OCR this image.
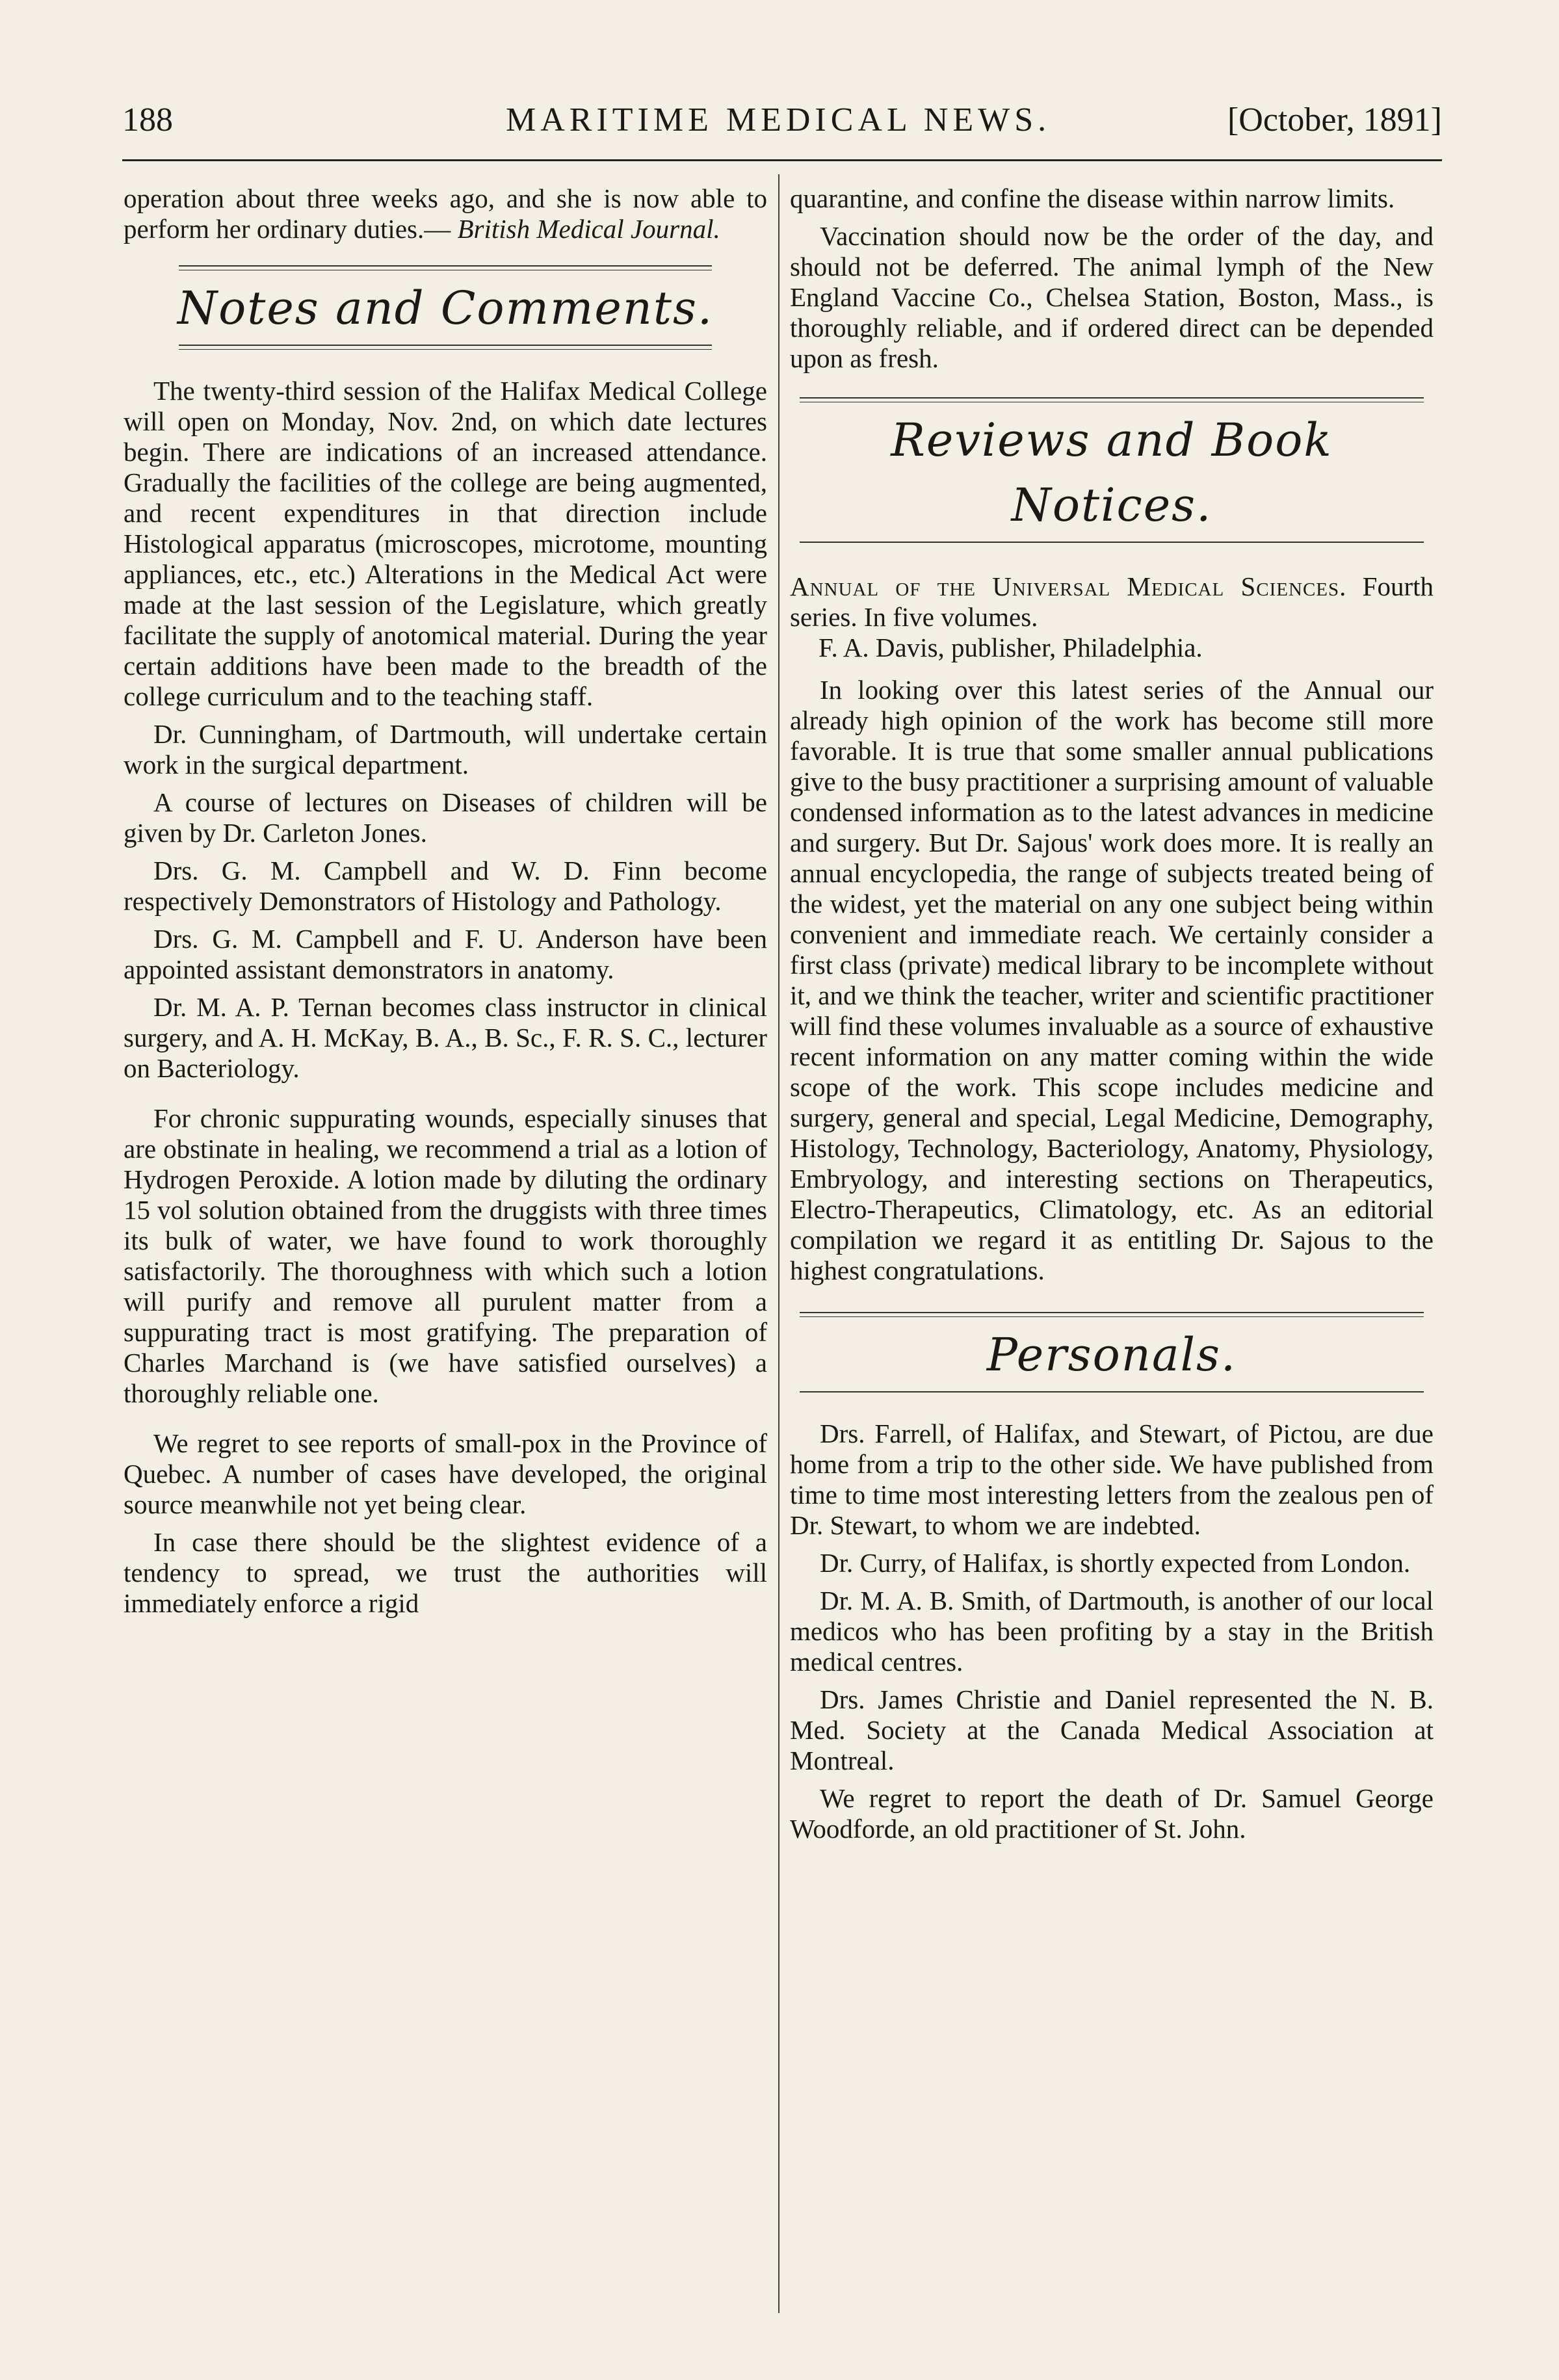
188	MARITIME MEDICAL NEWS.	[October, 1891]

operation about three weeks ago, and she is now able to perform her ordinary duties.— British Medical Journal.

Notes and Comments.

The twenty-third session of the Halifax Medical College will open on Monday, Nov. 2nd, on which date lectures begin. There are indications of an increased attendance. Gradually the facilities of the college are being augmented, and recent expenditures in that direction include Histological apparatus (microscopes, microtome, mounting appliances, etc., etc.) Alterations in the Medical Act were made at the last session of the Legislature, which greatly facilitate the supply of anotomical material. During the year certain additions have been made to the breadth of the college curriculum and to the teaching staff.

Dr. Cunningham, of Dartmouth, will undertake certain work in the surgical department.

A course of lectures on Diseases of children will be given by Dr. Carleton Jones.

Drs. G. M. Campbell and W. D. Finn become respectively Demonstrators of Histology and Pathology.

Drs. G. M. Campbell and F. U. Anderson have been appointed assistant demonstrators in anatomy.

Dr. M. A. P. Ternan becomes class instructor in clinical surgery, and A. H. McKay, B. A., B. Sc., F. R. S. C., lecturer on Bacteriology.

For chronic suppurating wounds, especially sinuses that are obstinate in healing, we recommend a trial as a lotion of Hydrogen Peroxide. A lotion made by diluting the ordinary 15 vol solution obtained from the druggists with three times its bulk of water, we have found to work thoroughly satisfactorily. The thoroughness with which such a lotion will purify and remove all purulent matter from a suppurating tract is most gratifying. The preparation of Charles Marchand is (we have satisfied ourselves) a thoroughly reliable one.

We regret to see reports of small-pox in the Province of Quebec. A number of cases have developed, the original source meanwhile not yet being clear.

In case there should be the slightest evidence of a tendency to spread, we trust the authorities will immediately enforce a rigid

quarantine, and confine the disease within narrow limits.

Vaccination should now be the order of the day, and should not be deferred. The animal lymph of the New England Vaccine Co., Chelsea Station, Boston, Mass., is thoroughly reliable, and if ordered direct can be depended upon as fresh.

Reviews and Book Notices.

Annual of the Universal Medical Sciences. Fourth series. In five volumes.
F. A. Davis, publisher, Philadelphia.

In looking over this latest series of the Annual our already high opinion of the work has become still more favorable. It is true that some smaller annual publications give to the busy practitioner a surprising amount of valuable condensed information as to the latest advances in medicine and surgery. But Dr. Sajous' work does more. It is really an annual encyclopedia, the range of subjects treated being of the widest, yet the material on any one subject being within convenient and immediate reach. We certainly consider a first class (private) medical library to be incomplete without it, and we think the teacher, writer and scientific practitioner will find these volumes invaluable as a source of exhaustive recent information on any matter coming within the wide scope of the work. This scope includes medicine and surgery, general and special, Legal Medicine, Demography, Histology, Technology, Bacteriology, Anatomy, Physiology, Embryology, and interesting sections on Therapeutics, Electro-Therapeutics, Climatology, etc. As an editorial compilation we regard it as entitling Dr. Sajous to the highest congratulations.

Personals.

Drs. Farrell, of Halifax, and Stewart, of Pictou, are due home from a trip to the other side. We have published from time to time most interesting letters from the zealous pen of Dr. Stewart, to whom we are indebted.

Dr. Curry, of Halifax, is shortly expected from London.

Dr. M. A. B. Smith, of Dartmouth, is another of our local medicos who has been profiting by a stay in the British medical centres.

Drs. James Christie and Daniel represented the N. B. Med. Society at the Canada Medical Association at Montreal.

We regret to report the death of Dr. Samuel George Woodforde, an old practitioner of St. John.
